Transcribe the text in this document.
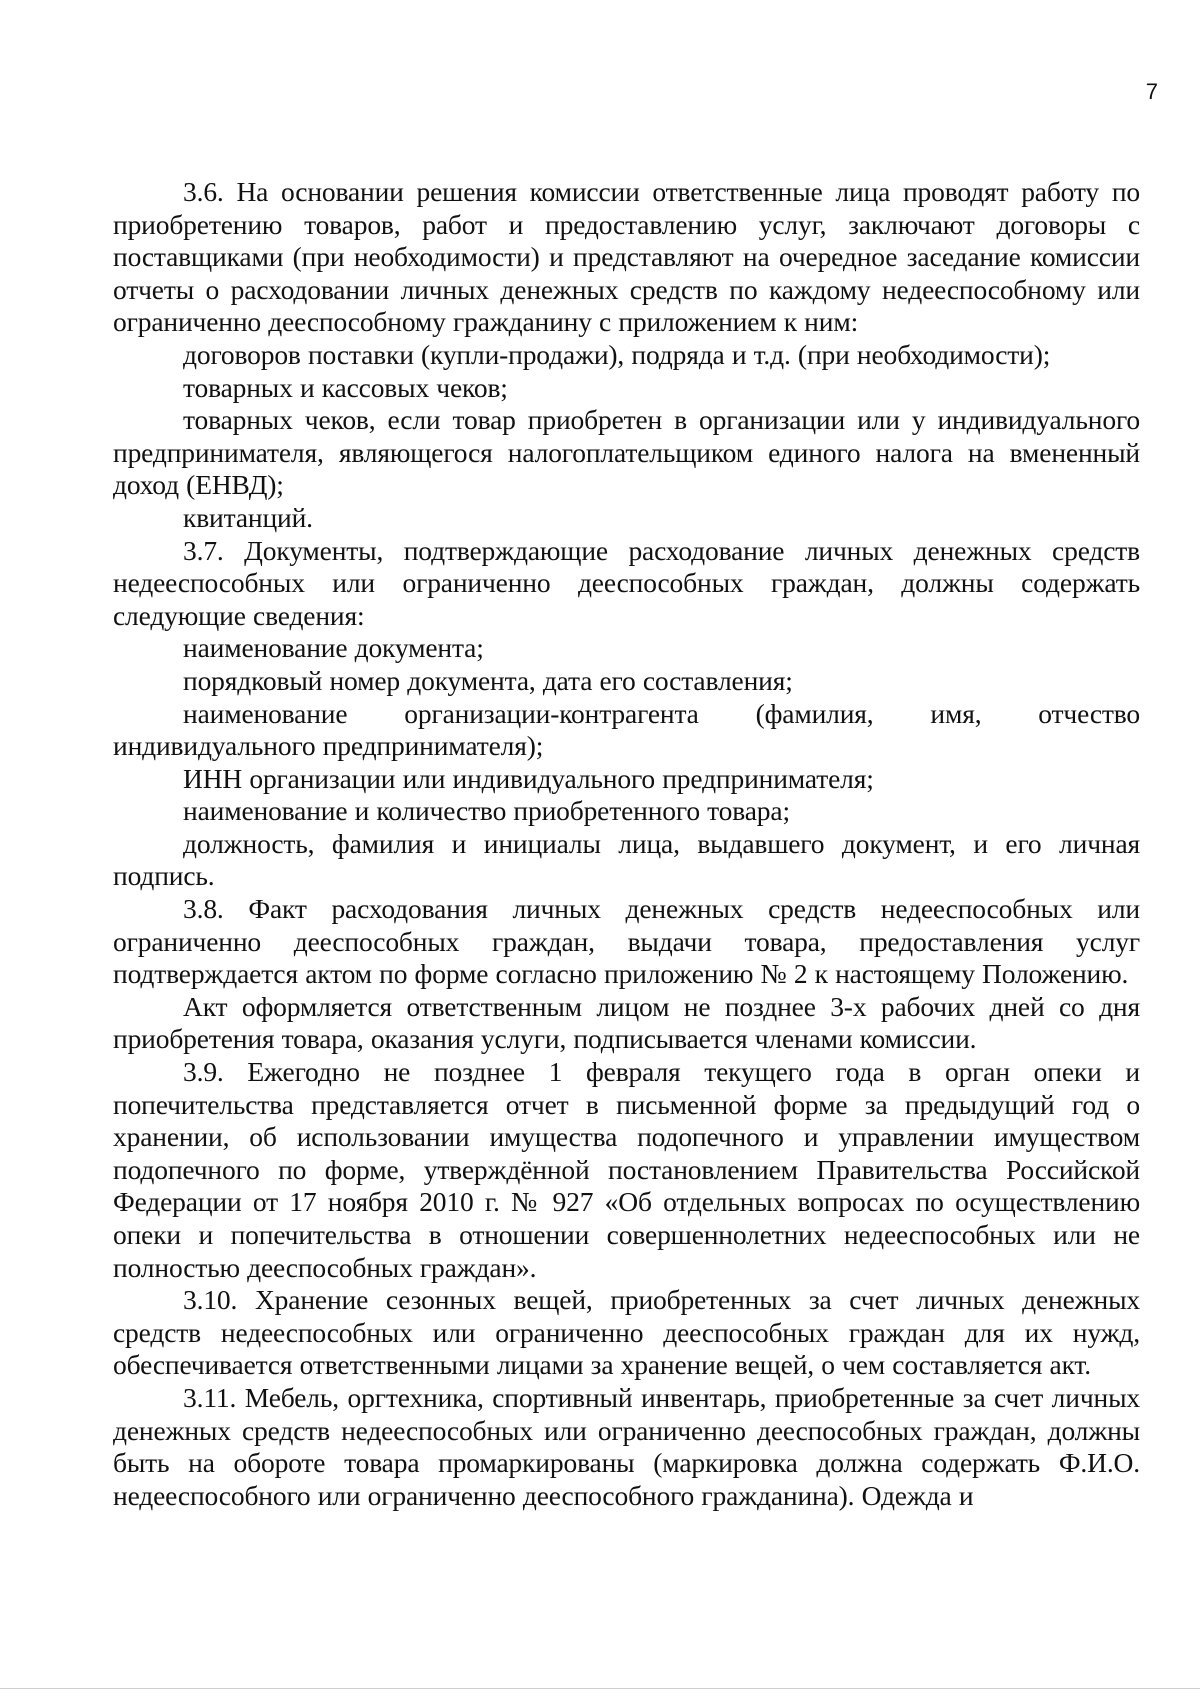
7

3.6. На основании решения комиссии ответственные лица проводят работу по приобретению товаров, работ и предоставлению услуг, заключают договоры с поставщиками (при необходимости) и представляют на очередное заседание комиссии отчеты о расходовании личных денежных средств по каждому недееспособному или ограниченно дееспособному гражданину с приложением к ним:

договоров поставки (купли-продажи), подряда и т.д. (при необходимости);

товарных и кассовых чеков;

товарных чеков, если товар приобретен в организации или у индивидуального предпринимателя, являющегося налогоплательщиком единого налога на вмененный доход (ЕНВД);

квитанций.

3.7. Документы, подтверждающие расходование личных денежных средств недееспособных или ограниченно дееспособных граждан, должны содержать следующие сведения:

наименование документа;

порядковый номер документа, дата его составления;

наименование организации-контрагента (фамилия, имя, отчество индивидуального предпринимателя);

ИНН организации или индивидуального предпринимателя;

наименование и количество приобретенного товара;

должность, фамилия и инициалы лица, выдавшего документ, и его личная подпись.

3.8. Факт расходования личных денежных средств недееспособных или ограниченно дееспособных граждан, выдачи товара, предоставления услуг подтверждается актом по форме согласно приложению № 2 к настоящему Положению.

Акт оформляется ответственным лицом не позднее 3-х рабочих дней со дня приобретения товара, оказания услуги, подписывается членами комиссии.

3.9. Ежегодно не позднее 1 февраля текущего года в орган опеки и попечительства представляется отчет в письменной форме за предыдущий год о хранении, об использовании имущества подопечного и управлении имуществом подопечного по форме, утверждённой постановлением Правительства Российской Федерации от 17 ноября 2010 г. № 927 «Об отдельных вопросах по осуществлению опеки и попечительства в отношении совершеннолетних недееспособных или не полностью дееспособных граждан».

3.10. Хранение сезонных вещей, приобретенных за счет личных денежных средств недееспособных или ограниченно дееспособных граждан для их нужд, обеспечивается ответственными лицами за хранение вещей, о чем составляется акт.

3.11. Мебель, оргтехника, спортивный инвентарь, приобретенные за счет личных денежных средств недееспособных или ограниченно дееспособных граждан, должны быть на обороте товара промаркированы (маркировка должна содержать Ф.И.О. недееспособного или ограниченно дееспособного гражданина). Одежда и
